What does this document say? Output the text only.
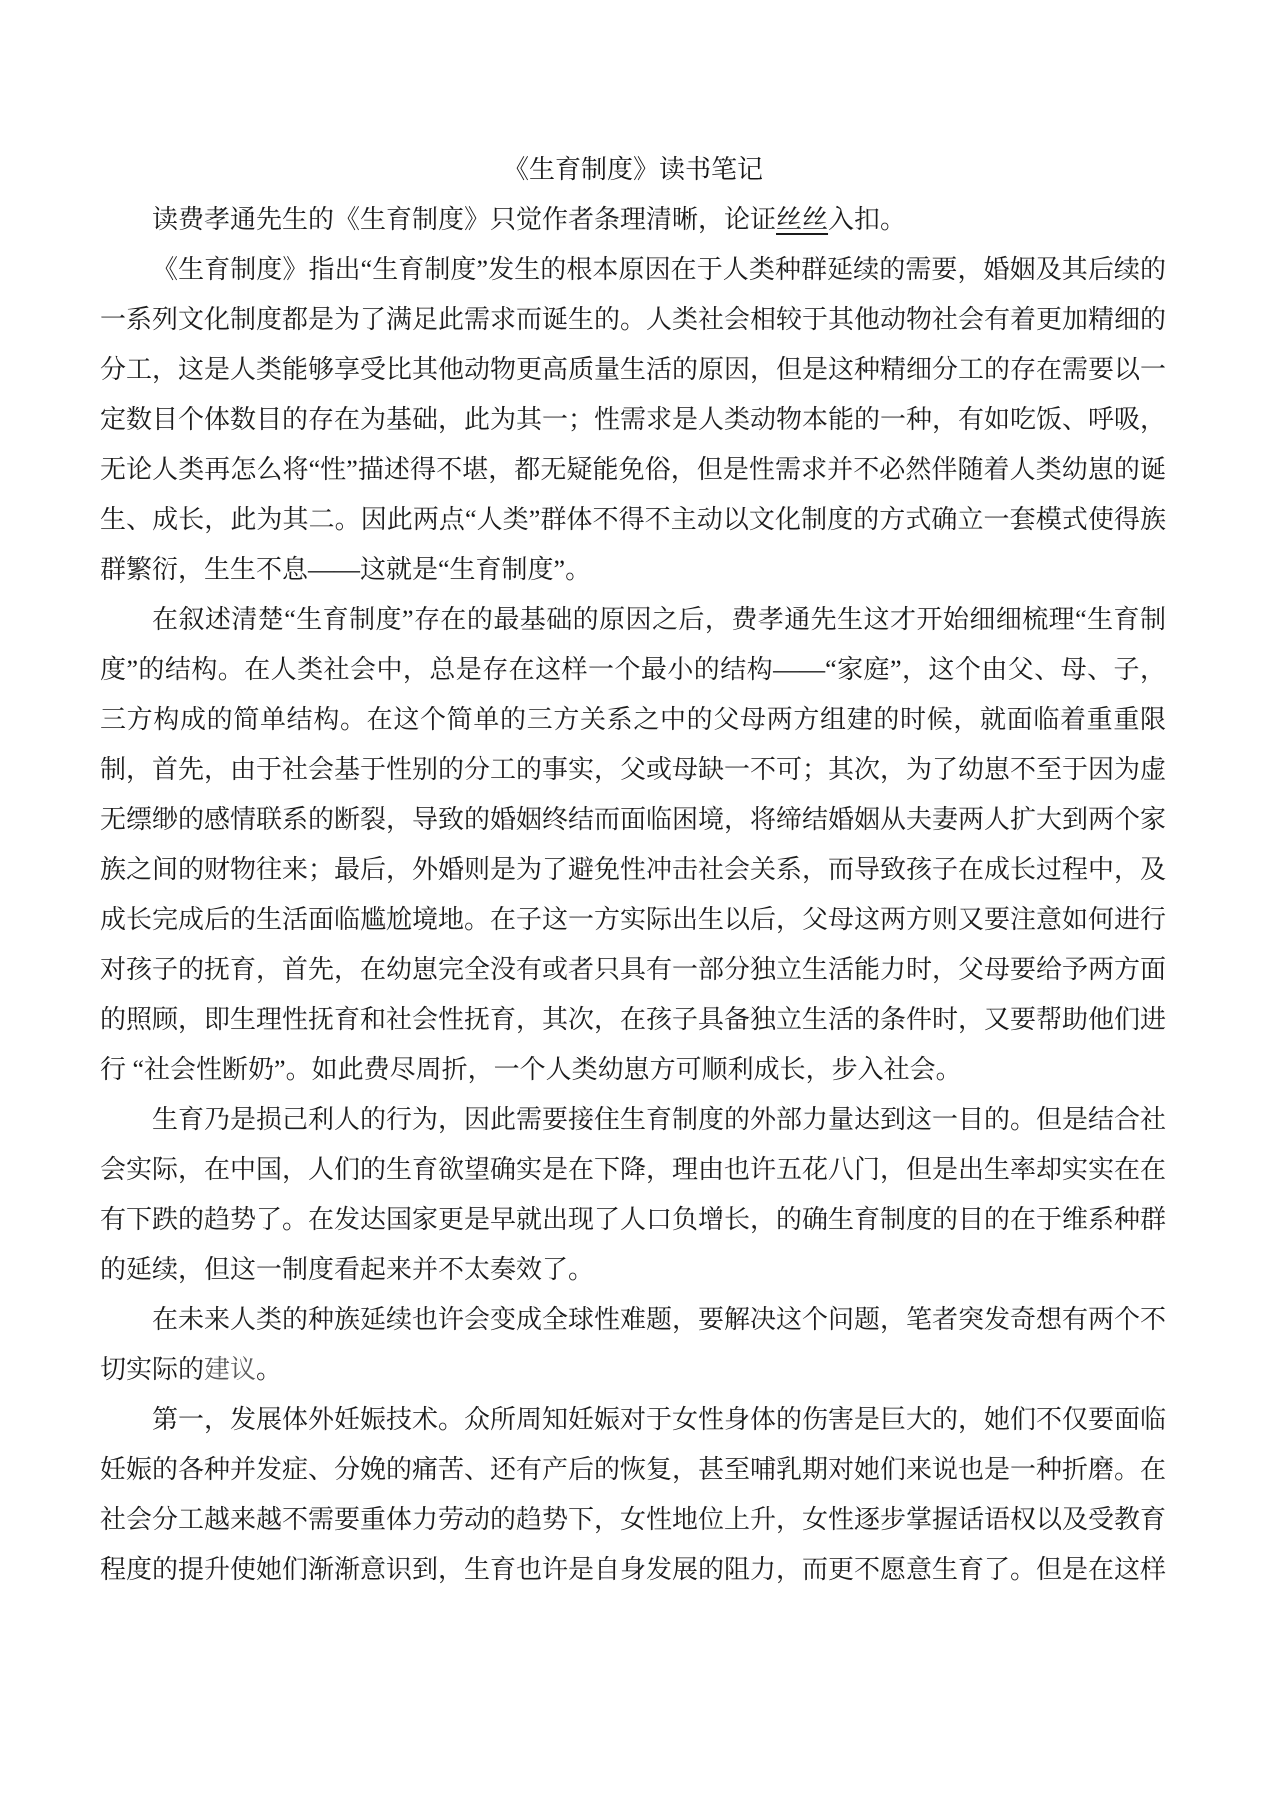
《生育制度》读书笔记

读费孝通先生的《生育制度》只觉作者条理清晰，论证丝丝入扣。

《生育制度》指出“生育制度”发生的根本原因在于人类种群延续的需要，婚姻及其后续的一系列文化制度都是为了满足此需求而诞生的。人类社会相较于其他动物社会有着更加精细的分工，这是人类能够享受比其他动物更高质量生活的原因，但是这种精细分工的存在需要以一定数目个体数目的存在为基础，此为其一；性需求是人类动物本能的一种，有如吃饭、呼吸，无论人类再怎么将“性”描述得不堪，都无疑能免俗，但是性需求并不必然伴随着人类幼崽的诞生、成长，此为其二。因此两点“人类”群体不得不主动以文化制度的方式确立一套模式使得族群繁衍，生生不息——这就是“生育制度”。

在叙述清楚“生育制度”存在的最基础的原因之后，费孝通先生这才开始细细梳理“生育制度”的结构。在人类社会中，总是存在这样一个最小的结构——“家庭”，这个由父、母、子，三方构成的简单结构。在这个简单的三方关系之中的父母两方组建的时候，就面临着重重限制，首先，由于社会基于性别的分工的事实，父或母缺一不可；其次，为了幼崽不至于因为虚无缥缈的感情联系的断裂，导致的婚姻终结而面临困境，将缔结婚姻从夫妻两人扩大到两个家族之间的财物往来；最后，外婚则是为了避免性冲击社会关系，而导致孩子在成长过程中，及成长完成后的生活面临尴尬境地。在子这一方实际出生以后，父母这两方则又要注意如何进行对孩子的抚育，首先，在幼崽完全没有或者只具有一部分独立生活能力时，父母要给予两方面的照顾，即生理性抚育和社会性抚育，其次，在孩子具备独立生活的条件时，又要帮助他们进行 “社会性断奶”。如此费尽周折，一个人类幼崽方可顺利成长，步入社会。

生育乃是损己利人的行为，因此需要接住生育制度的外部力量达到这一目的。但是结合社会实际，在中国，人们的生育欲望确实是在下降，理由也许五花八门，但是出生率却实实在在有下跌的趋势了。在发达国家更是早就出现了人口负增长，的确生育制度的目的在于维系种群的延续，但这一制度看起来并不太奏效了。

在未来人类的种族延续也许会变成全球性难题，要解决这个问题，笔者突发奇想有两个不切实际的建议。

第一，发展体外妊娠技术。众所周知妊娠对于女性身体的伤害是巨大的，她们不仅要面临妊娠的各种并发症、分娩的痛苦、还有产后的恢复，甚至哺乳期对她们来说也是一种折磨。在社会分工越来越不需要重体力劳动的趋势下，女性地位上升，女性逐步掌握话语权以及受教育程度的提升使她们渐渐意识到，生育也许是自身发展的阻力，而更不愿意生育了。但是在这样
